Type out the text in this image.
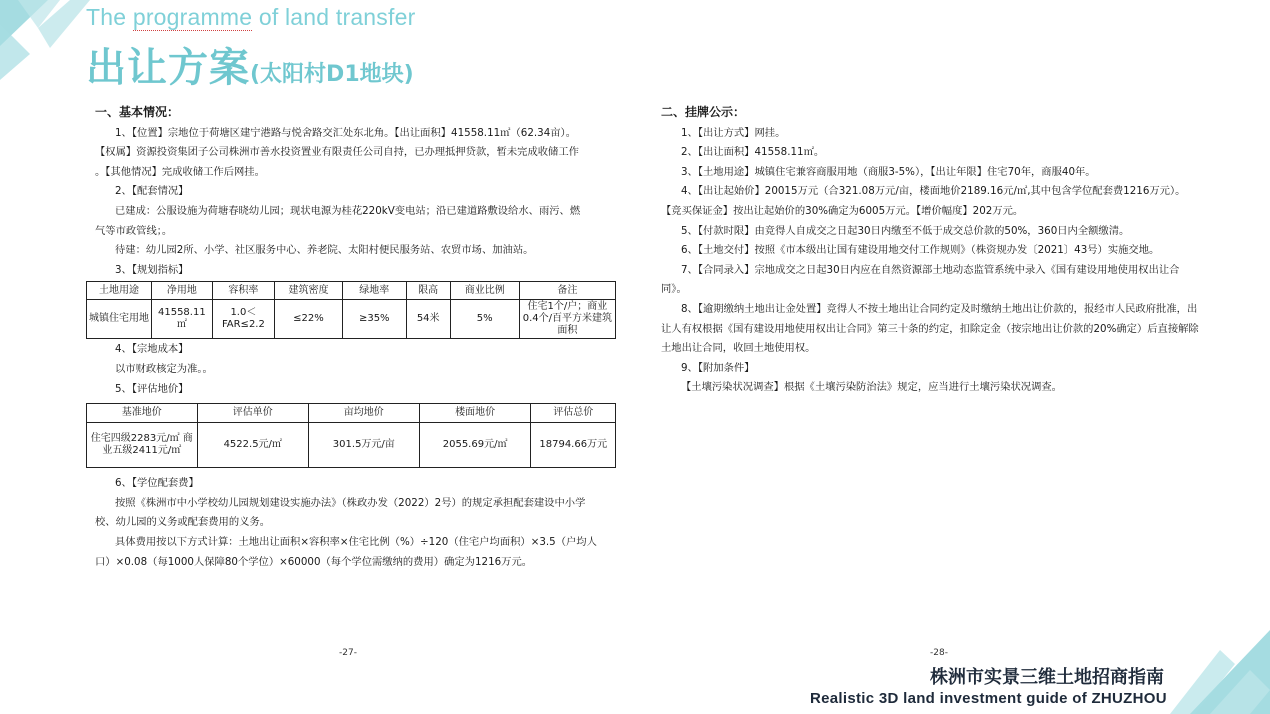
The programme of land transfer
出让方案(太阳村D1地块)
一、基本情况：

1、【位置】宗地位于荷塘区建宁港路与悦舍路交汇处东北角。【出让面积】41558.11㎡（62.34亩）。

【权属】资源投资集团子公司株洲市善水投资置业有限责任公司自持，已办理抵押贷款，暂未完成收储工作

。【其他情况】完成收储工作后网挂。

2、【配套情况】

已建成：公服设施为荷塘春晓幼儿园；现状电源为桂花220kV变电站；沿已建道路敷设给水、雨污、燃

气等市政管线；。

待建：幼儿园2所、小学、社区服务中心、养老院、太阳村便民服务站、农贸市场、加油站。

3、【规划指标】

土地用途	净用地	容积率	建筑密度	绿地率	限高	商业比例	备注
城镇住宅用地	41558.11㎡	1.0＜FAR≤2.2	≤22%	≥35%	54米	5%	住宅1个/户；商业0.4个/百平方米建筑面积

4、【宗地成本】

以市财政核定为准。。

5、【评估地价】

基准地价	评估单价	亩均地价	楼面地价	评估总价
住宅四级2283元/㎡ 商业五级2411元/㎡	4522.5元/㎡	301.5万元/亩	2055.69元/㎡	18794.66万元

6、【学位配套费】

按照《株洲市中小学校幼儿园规划建设实施办法》（株政办发（2022）2号）的规定承担配套建设中小学

校、幼儿园的义务或配套费用的义务。

具体费用按以下方式计算：土地出让面积×容积率×住宅比例（%）÷120（住宅户均面积）×3.5（户均人

口）×0.08（每1000人保障80个学位）×60000（每个学位需缴纳的费用）确定为1216万元。

二、挂牌公示：

1、【出让方式】网挂。

2、【出让面积】41558.11㎡。

3、【土地用途】城镇住宅兼容商服用地（商服3-5%），【出让年限】住宅70年，商服40年。

4、【出让起始价】20015万元（合321.08万元/亩，楼面地价2189.16元/㎡,其中包含学位配套费1216万元）。

【竞买保证金】按出让起始价的30%确定为6005万元。【增价幅度】202万元。

5、【付款时限】由竞得人自成交之日起30日内缴至不低于成交总价款的50%，360日内全额缴清。

6、【土地交付】按照《市本级出让国有建设用地交付工作规则》（株资规办发〔2021〕43号）实施交地。

7、【合同录入】宗地成交之日起30日内应在自然资源部土地动态监管系统中录入《国有建设用地使用权出让合

同》。

8、【逾期缴纳土地出让金处置】竞得人不按土地出让合同约定及时缴纳土地出让价款的，报经市人民政府批准，出

让人有权根据《国有建设用地使用权出让合同》第三十条的约定，扣除定金（按宗地出让价款的20%确定）后直接解除

土地出让合同，收回土地使用权。

9、【附加条件】

【土壤污染状况调查】根据《土壤污染防治法》规定，应当进行土壤污染状况调查。

-27-	-28-
株洲市实景三维土地招商指南
Realistic 3D land investment guide of ZHUZHOU
